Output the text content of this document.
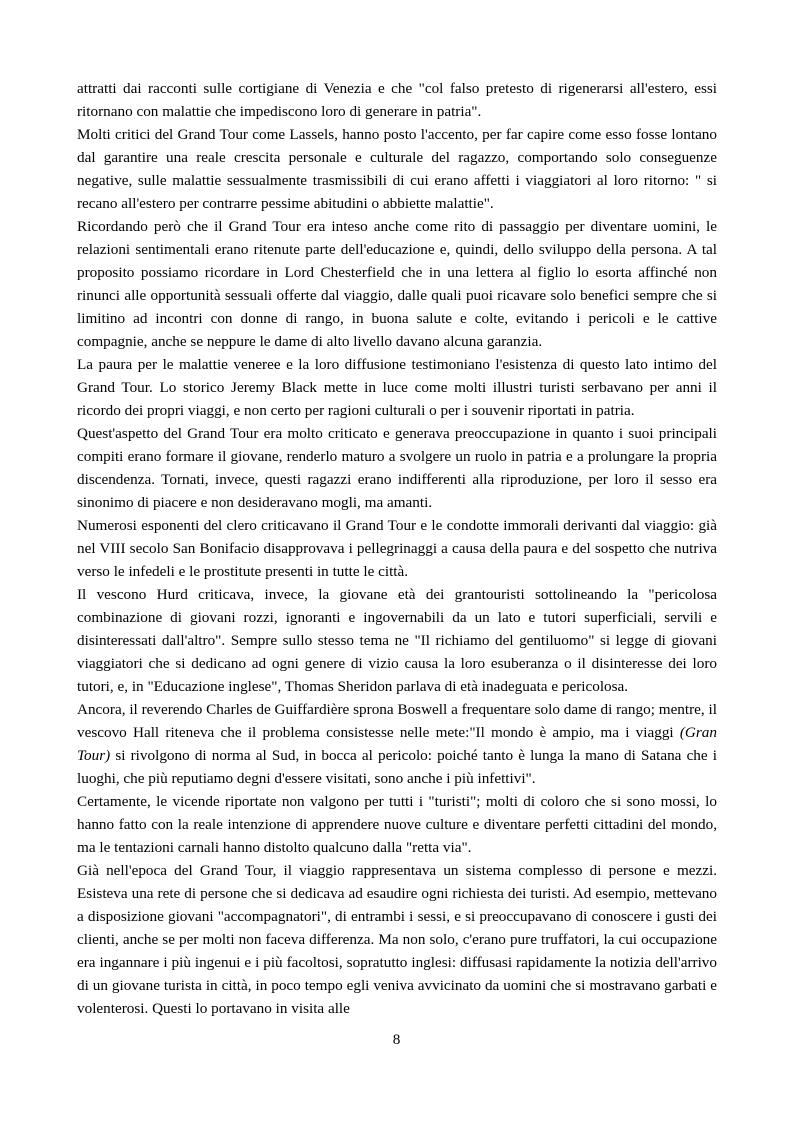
attratti dai racconti sulle cortigiane di Venezia e che "col falso pretesto di rigenerarsi all'estero, essi ritornano con malattie che impediscono loro di generare in patria".

Molti critici del Grand Tour come Lassels, hanno posto l'accento, per far capire come esso fosse lontano dal garantire una reale crescita personale e culturale del ragazzo, comportando solo conseguenze negative, sulle malattie sessualmente trasmissibili di cui erano affetti i viaggiatori al loro ritorno: " si recano all'estero per contrarre pessime abitudini o abbiette malattie".

Ricordando però che il Grand Tour era inteso anche come rito di passaggio per diventare uomini, le relazioni sentimentali erano ritenute parte dell'educazione e, quindi, dello sviluppo della persona. A tal proposito possiamo ricordare in Lord Chesterfield che in una lettera al figlio lo esorta affinché non rinunci alle opportunità sessuali offerte dal viaggio, dalle quali puoi ricavare solo benefici sempre che si limitino ad incontri con donne di rango, in buona salute e colte, evitando i pericoli e le cattive compagnie, anche se neppure le dame di alto livello davano alcuna garanzia.

La paura per le malattie veneree e la loro diffusione testimoniano l'esistenza di questo lato intimo del Grand Tour. Lo storico Jeremy Black mette in luce come molti illustri turisti serbavano per anni il ricordo dei propri viaggi, e non certo per ragioni culturali o per i souvenir riportati in patria.

Quest'aspetto del Grand Tour era molto criticato e generava preoccupazione in quanto i suoi principali compiti erano formare il giovane, renderlo maturo a svolgere un ruolo in patria e a prolungare la propria discendenza. Tornati, invece, questi ragazzi erano indifferenti alla riproduzione, per loro il sesso era sinonimo di piacere e non desideravano mogli, ma amanti.

Numerosi esponenti del clero criticavano il Grand Tour e le condotte immorali derivanti dal viaggio: già nel VIII secolo San Bonifacio disapprovava i pellegrinaggi a causa della paura e del sospetto che nutriva verso le infedeli e le prostitute presenti in tutte le città.

Il vescono Hurd criticava, invece, la giovane età dei grantouristi sottolineando la "pericolosa combinazione di giovani rozzi, ignoranti e ingovernabili da un lato e tutori superficiali, servili e disinteressati dall'altro". Sempre sullo stesso tema ne "Il richiamo del gentiluomo" si legge di giovani viaggiatori che si dedicano ad ogni genere di vizio causa la loro esuberanza o il disinteresse dei loro tutori, e, in "Educazione inglese", Thomas Sheridon parlava di età inadeguata e pericolosa.

Ancora, il reverendo Charles de Guiffardière sprona Boswell a frequentare solo dame di rango; mentre, il vescovo Hall riteneva che il problema consistesse nelle mete:"Il mondo è ampio, ma i viaggi (Gran Tour) si rivolgono di norma al Sud, in bocca al pericolo: poiché tanto è lunga la mano di Satana che i luoghi, che più reputiamo degni d'essere visitati, sono anche i più infettivi".

Certamente, le vicende riportate non valgono per tutti i "turisti"; molti di coloro che si sono mossi, lo hanno fatto con la reale intenzione di apprendere nuove culture e diventare perfetti cittadini del mondo, ma le tentazioni carnali hanno distolto qualcuno dalla "retta via".

Già nell'epoca del Grand Tour, il viaggio rappresentava un sistema complesso di persone e mezzi. Esisteva una rete di persone che si dedicava ad esaudire ogni richiesta dei turisti. Ad esempio, mettevano a disposizione giovani "accompagnatori", di entrambi i sessi, e si preoccupavano di conoscere i gusti dei clienti, anche se per molti non faceva differenza. Ma non solo, c'erano pure truffatori, la cui occupazione era ingannare i più ingenui e i più facoltosi, sopratutto inglesi: diffusasi rapidamente la notizia dell'arrivo di un giovane turista in città, in poco tempo egli veniva avvicinato da uomini che si mostravano garbati e volenterosi. Questi lo portavano in visita alle

8
